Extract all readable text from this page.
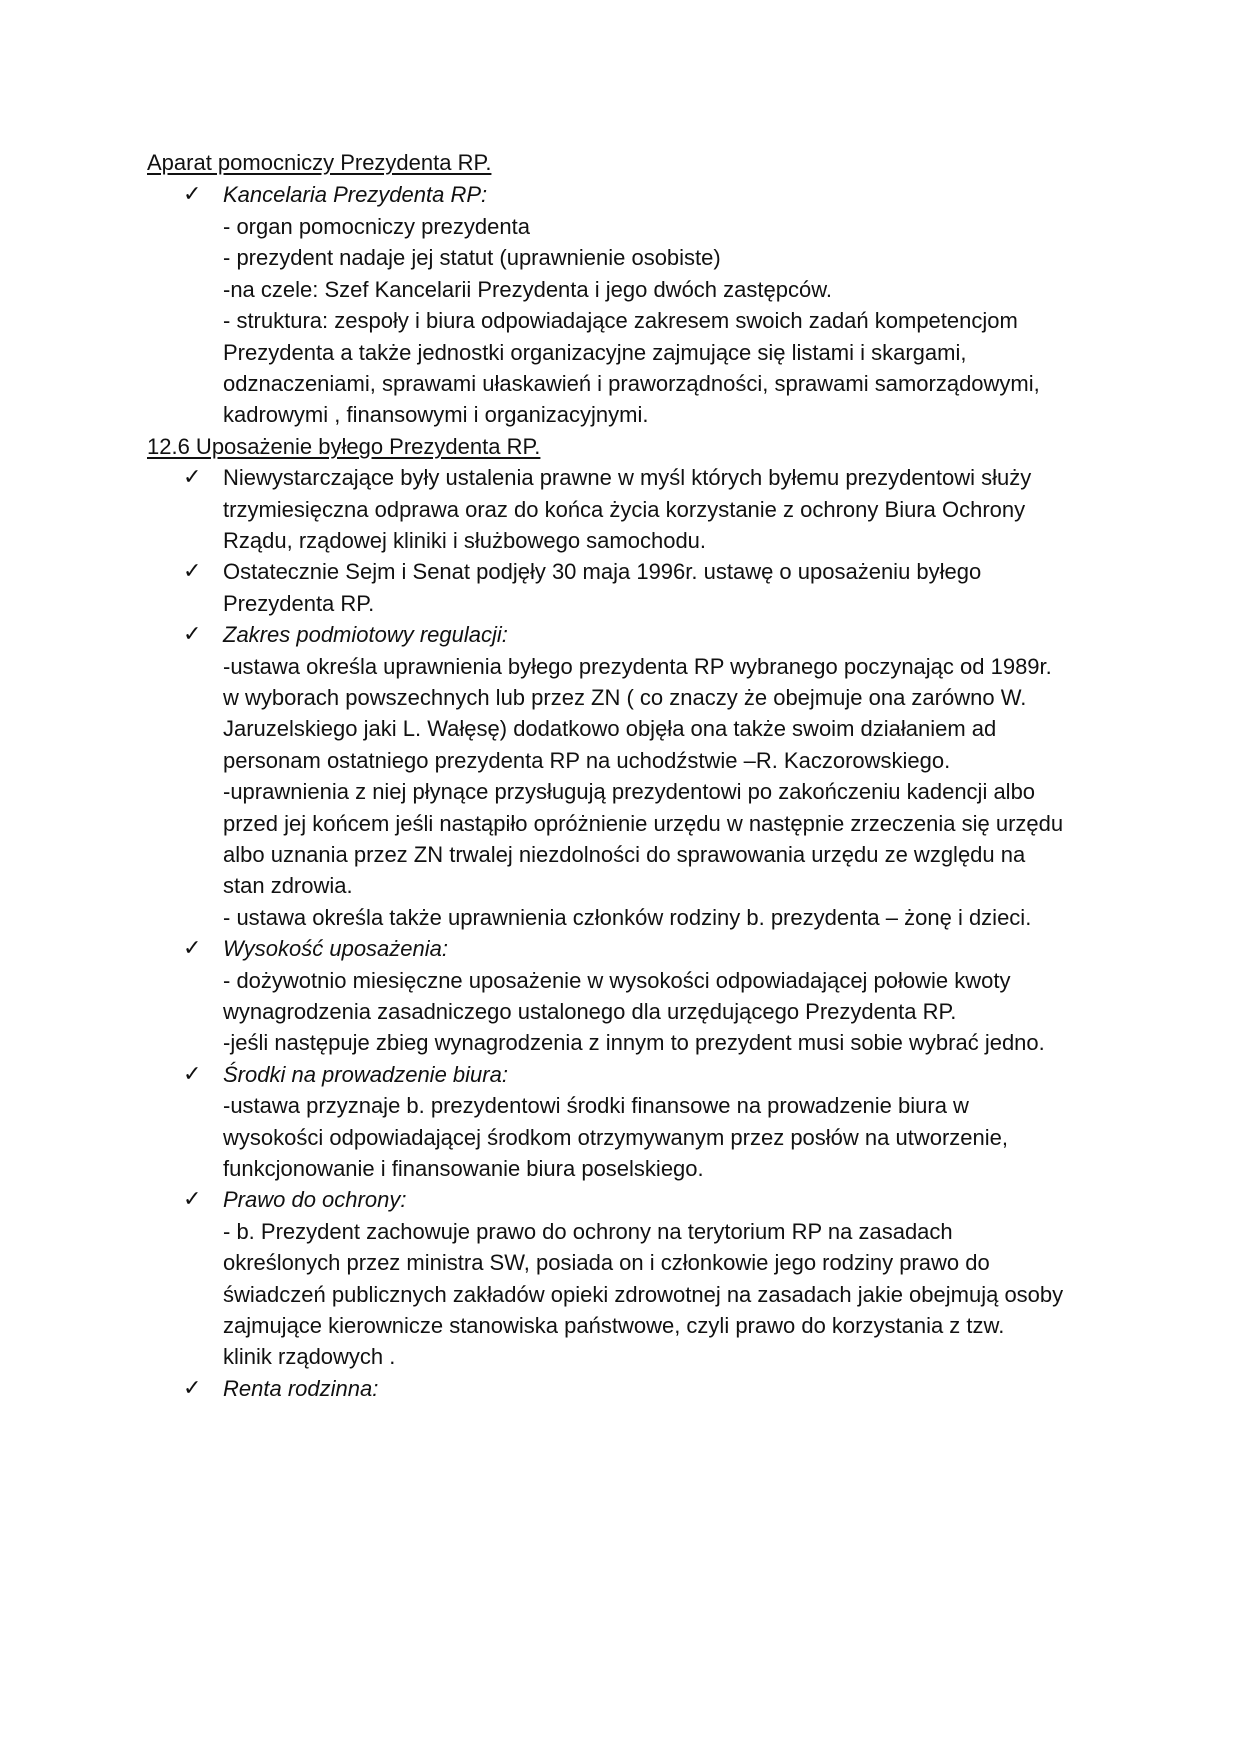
Aparat pomocniczy Prezydenta RP.
✓ Kancelaria Prezydenta RP:
- organ pomocniczy prezydenta
- prezydent nadaje jej statut (uprawnienie osobiste)
-na czele: Szef Kancelarii Prezydenta i jego dwóch zastępców.
- struktura: zespoły i biura odpowiadające zakresem swoich zadań kompetencjom
Prezydenta a także jednostki organizacyjne zajmujące się listami i skargami,
odznaczeniami, sprawami ułaskawień i praworządności, sprawami samorządowymi,
kadrowymi , finansowymi i organizacyjnymi.
12.6 Uposażenie byłego Prezydenta RP.
✓ Niewystarczające były ustalenia prawne w myśl których byłemu prezydentowi służy
trzymiesięczna odprawa oraz do końca życia korzystanie z ochrony Biura Ochrony
Rządu, rządowej kliniki i służbowego samochodu.
✓ Ostatecznie Sejm i Senat podjęły 30 maja 1996r. ustawę o uposażeniu byłego
Prezydenta RP.
✓ Zakres podmiotowy regulacji:
-ustawa określa uprawnienia byłego prezydenta RP wybranego poczynając od 1989r.
w wyborach powszechnych lub przez ZN ( co znaczy że obejmuje ona zarówno W.
Jaruzelskiego jaki L. Wałęsę) dodatkowo objęła ona także swoim działaniem ad
personam ostatniego prezydenta RP na uchodźstwie –R. Kaczorowskiego.
-uprawnienia z niej płynące przysługują prezydentowi po zakończeniu kadencji albo
przed jej końcem jeśli nastąpiło opróżnienie urzędu w następnie zrzeczenia się urzędu
albo uznania przez ZN trwalej niezdolności do sprawowania urzędu ze względu na
stan zdrowia.
- ustawa określa także uprawnienia członków rodziny b. prezydenta – żonę i dzieci.
✓ Wysokość uposażenia:
- dożywotnio miesięczne uposażenie w wysokości odpowiadającej połowie kwoty
wynagrodzenia zasadniczego ustalonego dla urzędującego Prezydenta RP.
-jeśli następuje zbieg wynagrodzenia z innym to prezydent musi sobie wybrać jedno.
✓ Środki na prowadzenie biura:
-ustawa przyznaje b. prezydentowi środki finansowe na prowadzenie biura w
wysokości odpowiadającej środkom otrzymywanym przez posłów na utworzenie,
funkcjonowanie i finansowanie biura poselskiego.
✓ Prawo do ochrony:
- b. Prezydent zachowuje prawo do ochrony na terytorium RP na zasadach
określonych przez ministra SW, posiada on i członkowie jego rodziny prawo do
świadczeń publicznych zakładów opieki zdrowotnej na zasadach jakie obejmują osoby
zajmujące kierownicze stanowiska państwowe, czyli prawo do korzystania z tzw.
klinik rządowych .
✓ Renta rodzinna:
